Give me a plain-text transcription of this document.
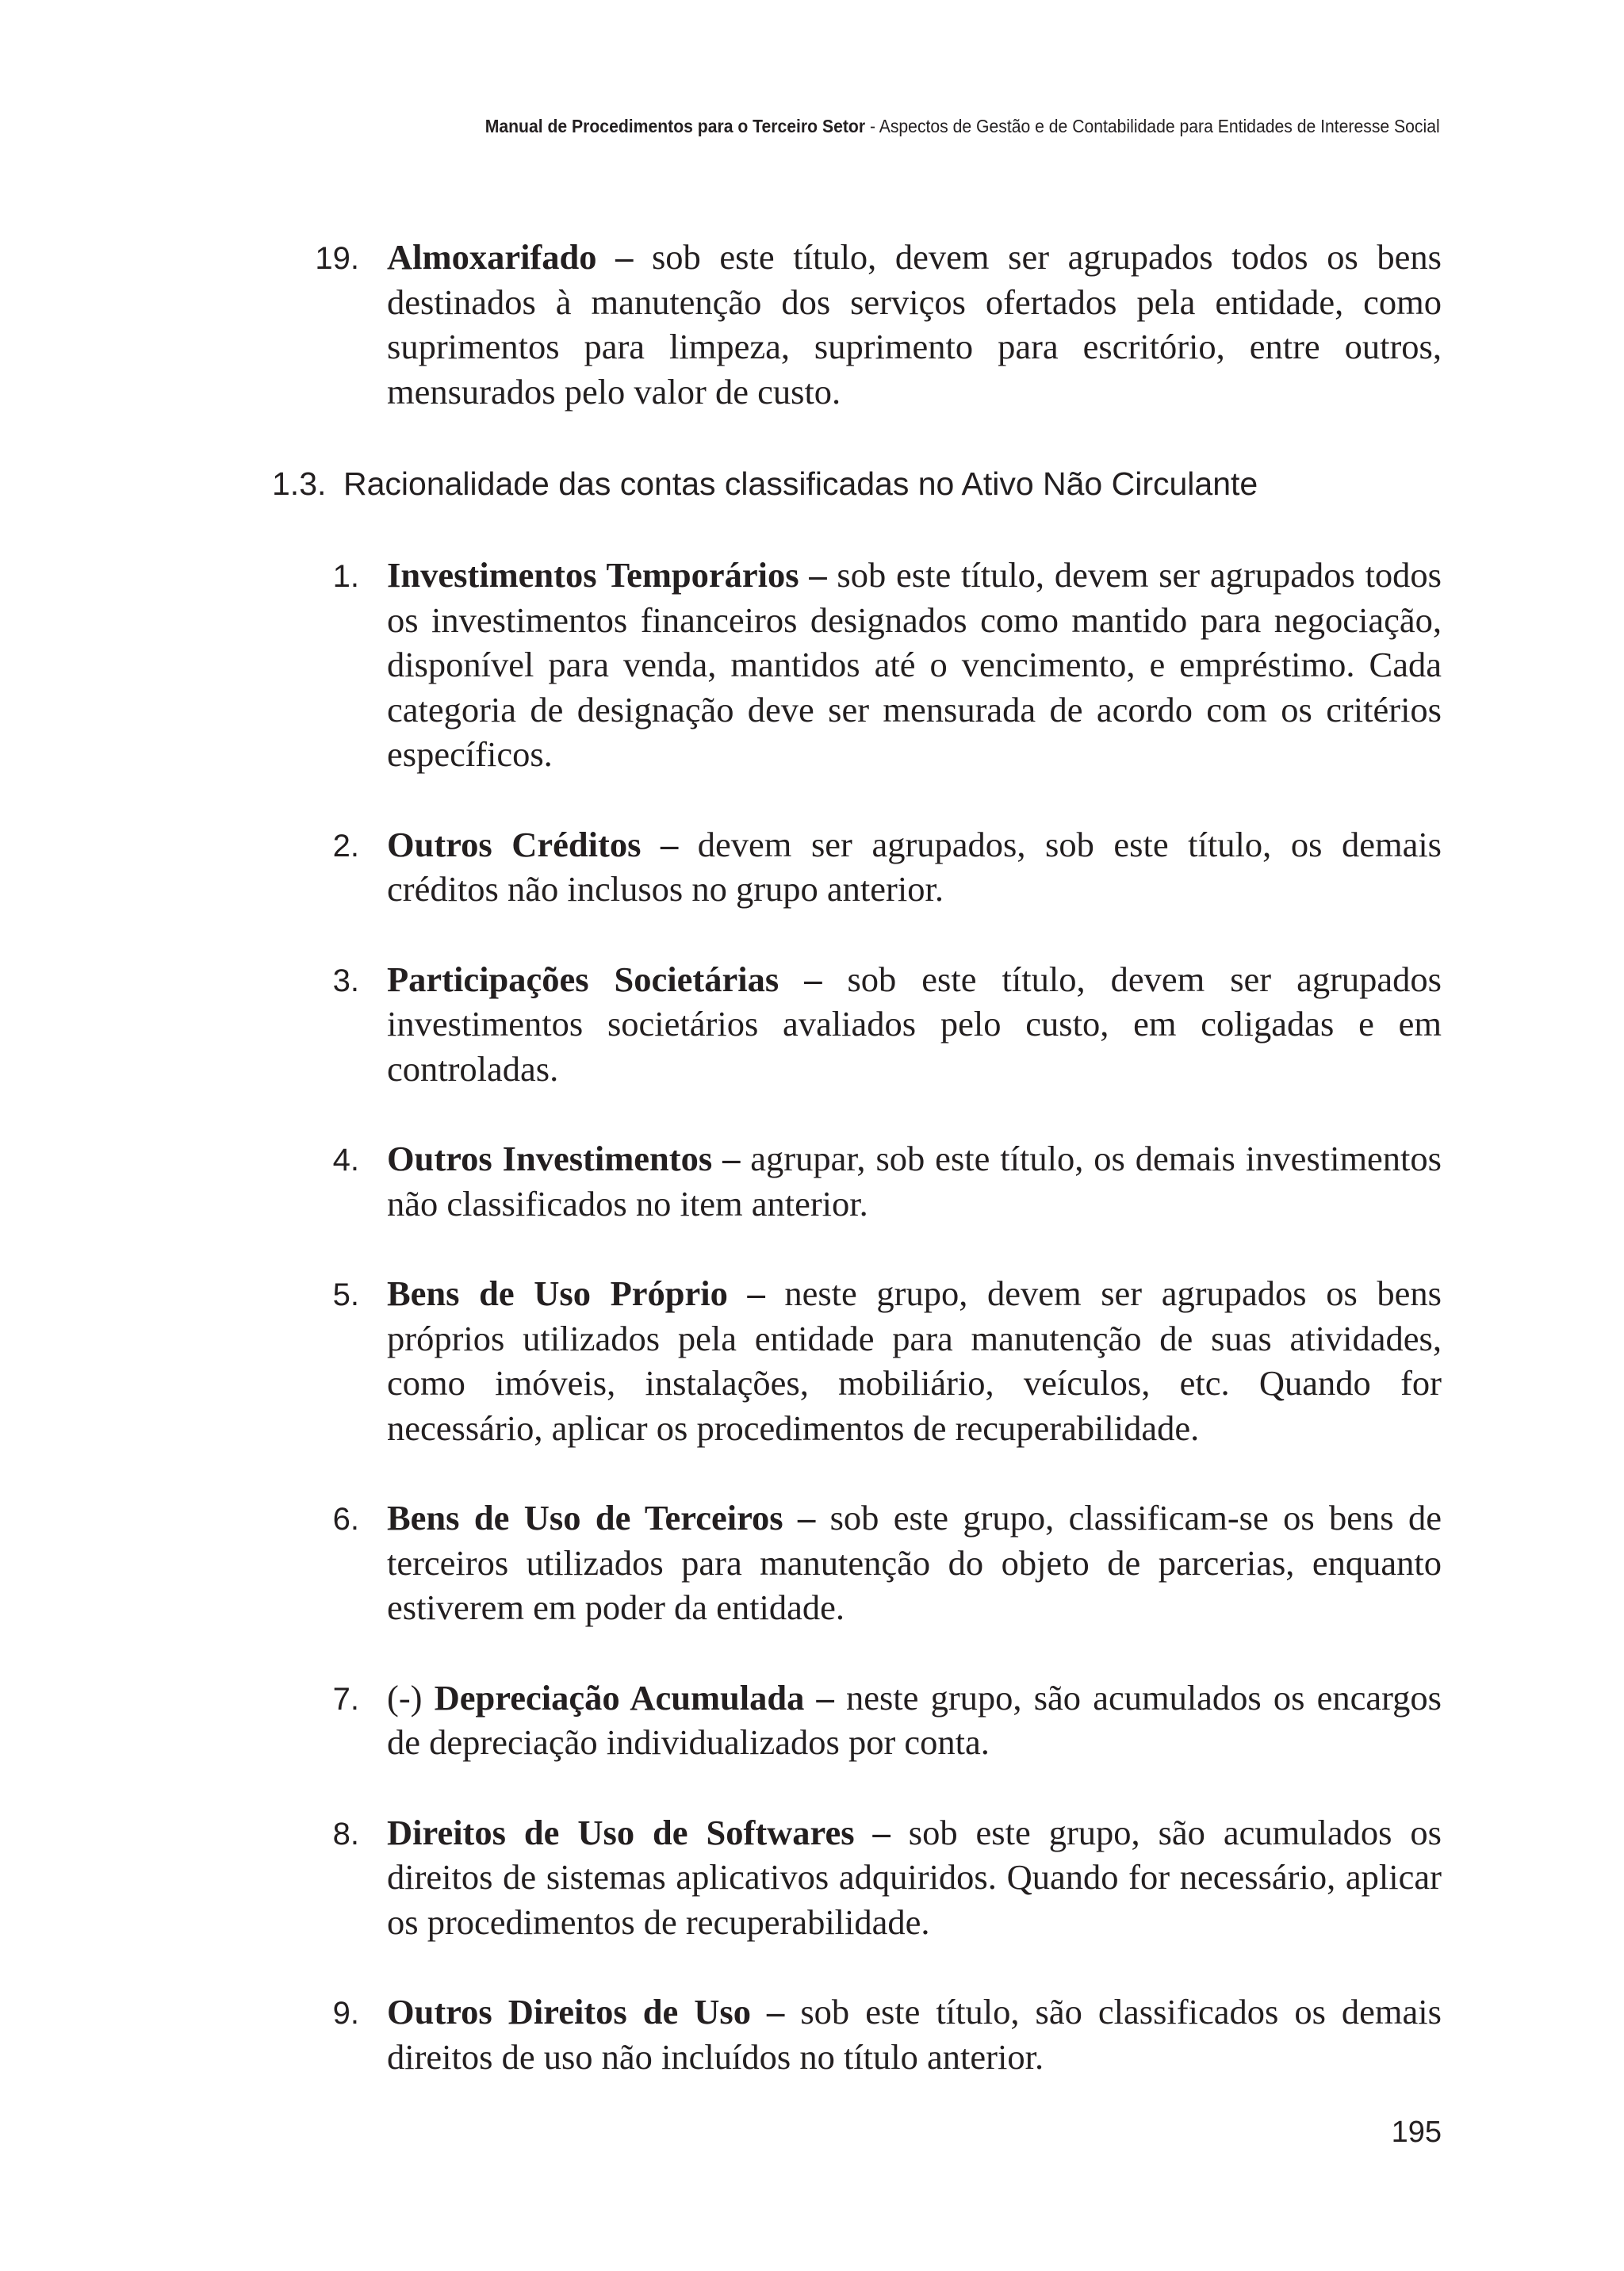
Manual de Procedimentos para o Terceiro Setor - Aspectos de Gestão e de Contabilidade para Entidades de Interesse Social
19. Almoxarifado – sob este título, devem ser agrupados todos os bens destinados à manutenção dos serviços ofertados pela entidade, como suprimentos para limpeza, suprimento para escritório, entre outros, mensurados pelo valor de custo.
1.3. Racionalidade das contas classificadas no Ativo Não Circulante
1. Investimentos Temporários – sob este título, devem ser agrupados todos os investimentos financeiros designados como mantido para negociação, disponível para venda, mantidos até o vencimento, e empréstimo. Cada categoria de designação deve ser mensurada de acordo com os critérios específicos.
2. Outros Créditos – devem ser agrupados, sob este título, os demais créditos não inclusos no grupo anterior.
3. Participações Societárias – sob este título, devem ser agrupados investimentos societários avaliados pelo custo, em coligadas e em controladas.
4. Outros Investimentos – agrupar, sob este título, os demais investimentos não classificados no item anterior.
5. Bens de Uso Próprio – neste grupo, devem ser agrupados os bens próprios utilizados pela entidade para manutenção de suas atividades, como imóveis, instalações, mobiliário, veículos, etc. Quando for necessário, aplicar os procedimentos de recuperabilidade.
6. Bens de Uso de Terceiros – sob este grupo, classificam-se os bens de terceiros utilizados para manutenção do objeto de parcerias, enquanto estiverem em poder da entidade.
7. (-) Depreciação Acumulada – neste grupo, são acumulados os encargos de depreciação individualizados por conta.
8. Direitos de Uso de Softwares – sob este grupo, são acumulados os direitos de sistemas aplicativos adquiridos. Quando for necessário, aplicar os procedimentos de recuperabilidade.
9. Outros Direitos de Uso – sob este título, são classificados os demais direitos de uso não incluídos no título anterior.
195
